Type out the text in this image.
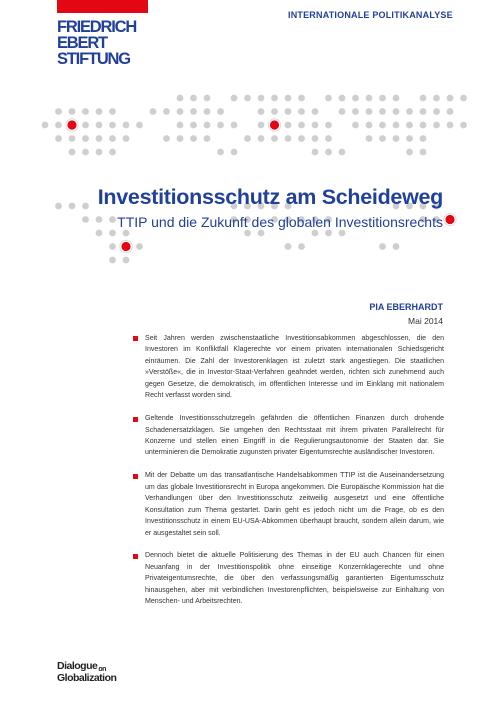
FRIEDRICH
EBERT
STIFTUNG
INTERNATIONALE POLITIKANALYSE
Investitionsschutz am Scheideweg
TTIP und die Zukunft des globalen Investitionsrechts
PIA EBERHARDT
Mai 2014
Seit Jahren werden zwischenstaatliche Investitionsabkommen abgeschlossen, die den Investoren im Konfliktfall Klagerechte vor einem privaten internationalen Schiedsgericht einräumen. Die Zahl der Investorenklagen ist zuletzt stark angestiegen. Die staatlichen »Verstöße«, die in Investor-Staat-Verfahren geahndet werden, richten sich zunehmend auch gegen Gesetze, die demokratisch, im öffentlichen Interesse und im Einklang mit nationalem Recht verfasst worden sind.
Geltende Investitionsschutzregeln gefährden die öffentlichen Finanzen durch drohende Schadenersatzklagen. Sie umgehen den Rechtsstaat mit ihrem privaten Parallelrecht für Konzerne und stellen einen Eingriff in die Regulierungsautonomie der Staaten dar. Sie unterminieren die Demokratie zugunsten privater Eigentumsrechte ausländischer Investoren.
Mit der Debatte um das transatlantische Handelsabkommen TTIP ist die Auseinandersetzung um das globale Investitionsrecht in Europa angekommen. Die Europäische Kommission hat die Verhandlungen über den Investitionsschutz zeitweilig ausgesetzt und eine öffentliche Konsultation zum Thema gestartet. Darin geht es jedoch nicht um die Frage, ob es den Investitionsschutz in einem EU-USA-Abkommen überhaupt braucht, sondern allein darum, wie er ausgestaltet sein soll.
Dennoch bietet die aktuelle Politisierung des Themas in der EU auch Chancen für einen Neuanfang in der Investitionspolitik ohne einseitige Konzernklagerechte und ohne Privateigentumsrechte, die über den verfassungsmäßig garantierten Eigentumsschutz hinausgehen, aber mit verbindlichen Investorenpflichten, beispielsweise zur Einhaltung von Menschen- und Arbeitsrechten.
Dialogueon
Globalization
